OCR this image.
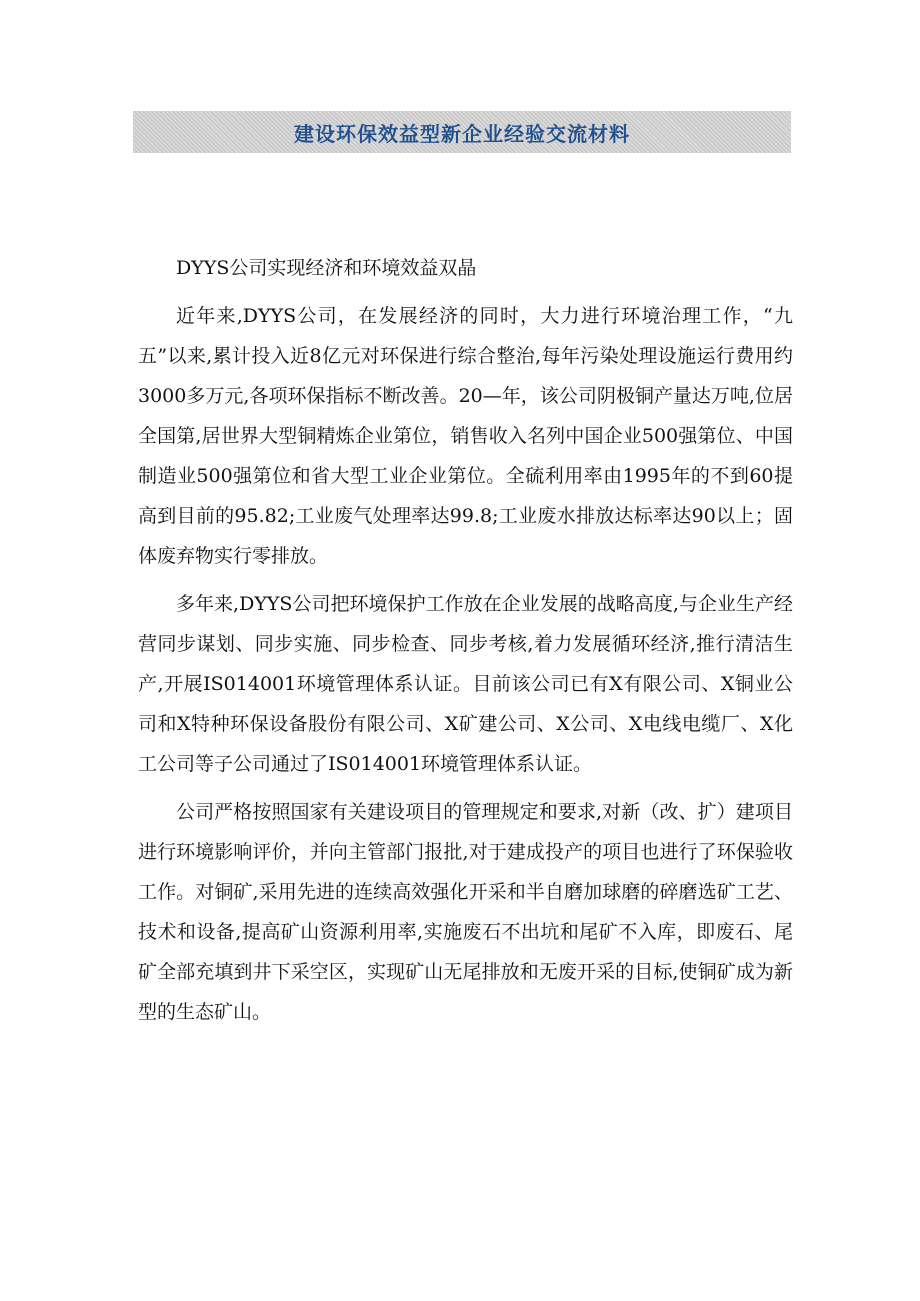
建设环保效益型新企业经验交流材料

DYYS公司实现经济和环境效益双晶

近年来,DYYS公司，在发展经济的同时，大力进行环境治理工作，“九五”以来,累计投入近8亿元对环保进行综合整治,每年污染处理设施运行费用约3000多万元,各项环保指标不断改善。20—年，该公司阴极铜产量达万吨,位居全国第,居世界大型铜精炼企业第位，销售收入名列中国企业500强第位、中国制造业500强第位和省大型工业企业第位。全硫利用率由1995年的不到60提高到目前的95.82;工业废气处理率达99.8;工业废水排放达标率达90以上；固体废弃物实行零排放。

多年来,DYYS公司把环境保护工作放在企业发展的战略高度,与企业生产经营同步谋划、同步实施、同步检查、同步考核,着力发展循环经济,推行清洁生产,开展IS014001环境管理体系认证。目前该公司已有X有限公司、X铜业公司和X特种环保设备股份有限公司、X矿建公司、X公司、X电线电缆厂、X化工公司等子公司通过了IS014001环境管理体系认证。

公司严格按照国家有关建设项目的管理规定和要求,对新（改、扩）建项目进行环境影响评价，并向主管部门报批,对于建成投产的项目也进行了环保验收工作。对铜矿,采用先进的连续高效强化开采和半自磨加球磨的碎磨选矿工艺、技术和设备,提高矿山资源利用率,实施废石不出坑和尾矿不入库，即废石、尾矿全部充填到井下采空区，实现矿山无尾排放和无废开采的目标,使铜矿成为新型的生态矿山。
